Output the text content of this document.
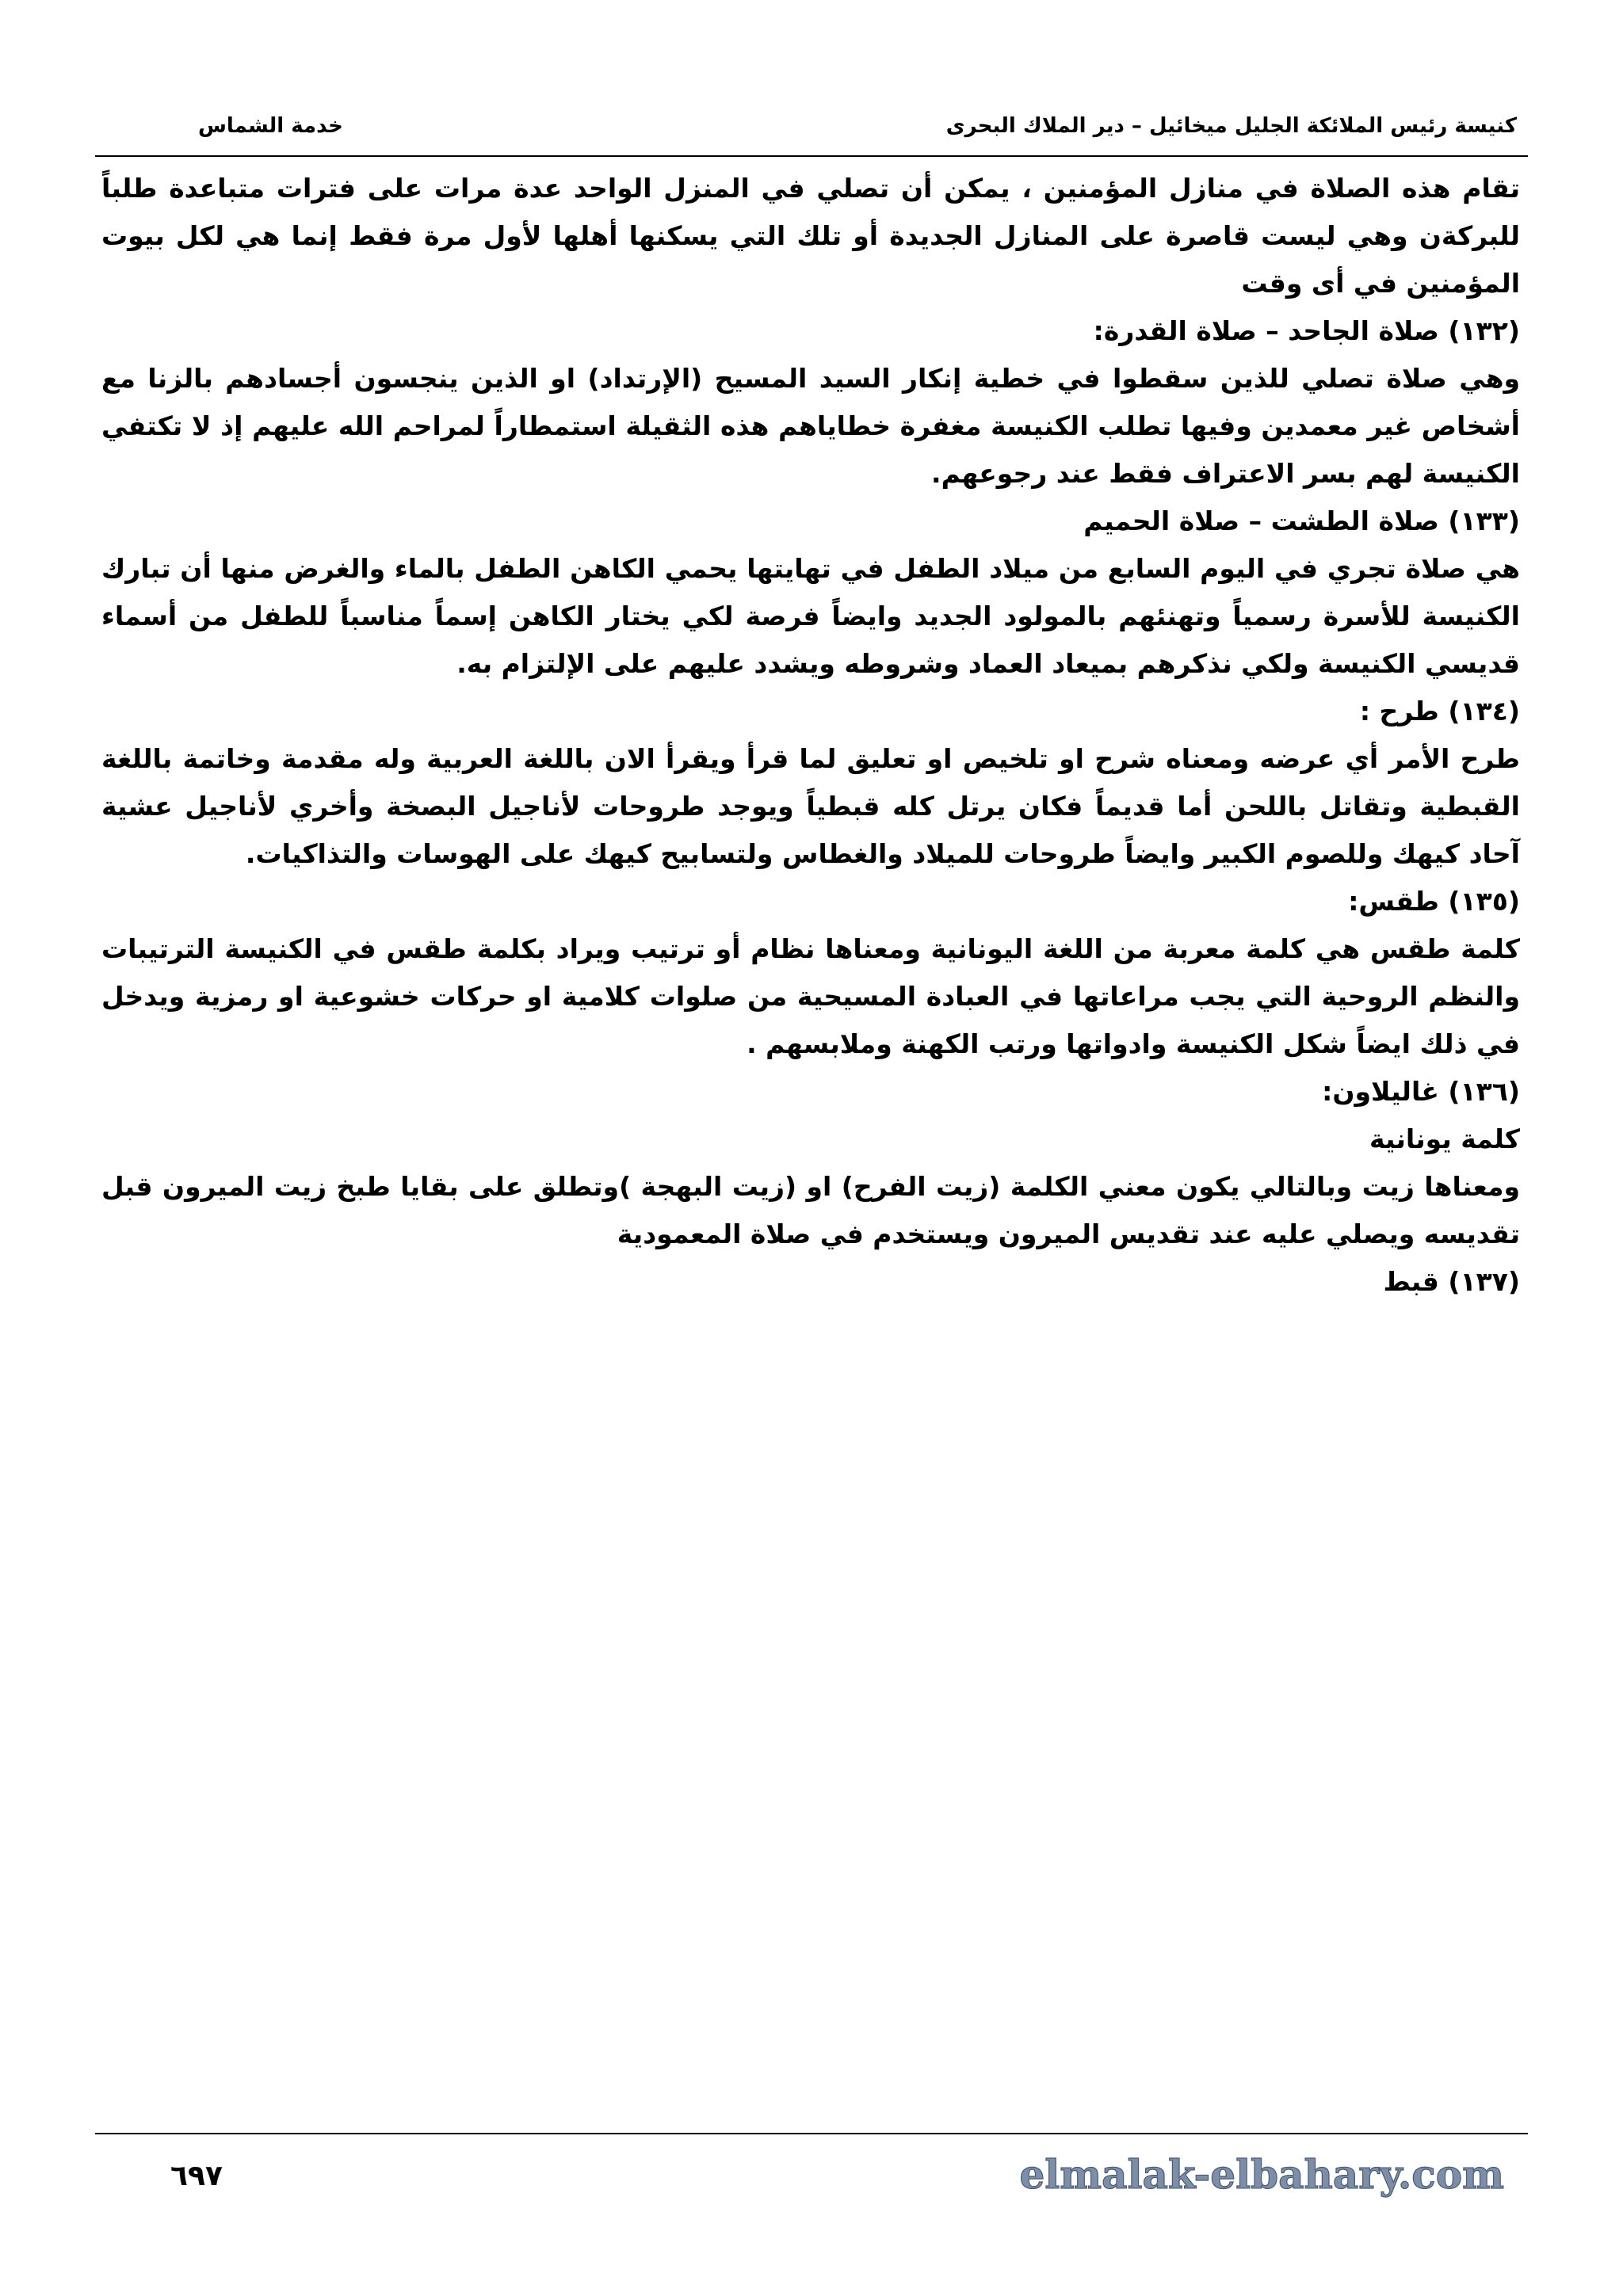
كنيسة رئيس الملائكة الجليل ميخائيل – دير الملاك البحرى
خدمة الشماس

تقام هذه الصلاة في منازل المؤمنين ، يمكن أن تصلي في المنزل الواحد عدة مرات على فترات متباعدة طلباً للبركةن وهي ليست قاصرة على المنازل الجديدة أو تلك التي يسكنها أهلها لأول مرة فقط إنما هي لكل بيوت المؤمنين في أى وقت

(١٣٢) صلاة الجاحد – صلاة القدرة:

وهي صلاة تصلي للذين سقطوا في خطية إنكار السيد المسيح (الإرتداد) او الذين ينجسون أجسادهم بالزنا مع أشخاص غير معمدين وفيها تطلب الكنيسة مغفرة خطاياهم هذه الثقيلة استمطاراً لمراحم الله عليهم إذ لا تكتفي الكنيسة لهم بسر الاعتراف فقط عند رجوعهم.

(١٣٣) صلاة الطشت – صلاة الحميم

هي صلاة تجري في اليوم السابع من ميلاد الطفل في تهايتها يحمي الكاهن الطفل بالماء والغرض منها أن تبارك الكنيسة للأسرة رسمياً وتهنئهم بالمولود الجديد وايضاً فرصة لكي يختار الكاهن إسماً مناسباً للطفل من أسماء قديسي الكنيسة ولكي نذكرهم بميعاد العماد وشروطه ويشدد عليهم على الإلتزام به.

(١٣٤) طرح :

طرح الأمر أي عرضه ومعناه شرح او تلخيص او تعليق لما قرأ ويقرأ الان باللغة العربية وله مقدمة وخاتمة باللغة القبطية وتقاتل باللحن أما قديماً فكان يرتل كله قبطياً ويوجد طروحات لأناجيل البصخة وأخري لأناجيل عشية آحاد كيهك وللصوم الكبير وايضاً طروحات للميلاد والغطاس ولتسابيح كيهك على الهوسات والتذاكيات.

(١٣٥) طقس:

كلمة طقس هي كلمة معربة من اللغة اليونانية ومعناها نظام أو ترتيب ويراد بكلمة طقس في الكنيسة الترتيبات والنظم الروحية التي يجب مراعاتها في العبادة المسيحية من صلوات كلامية او حركات خشوعية او رمزية ويدخل في ذلك ايضاً شكل الكنيسة وادواتها ورتب الكهنة وملابسهم .

(١٣٦) غاليلاون:

كلمة يونانية

ومعناها زيت وبالتالي يكون معني الكلمة (زيت الفرح) او (زيت البهجة )وتطلق على بقايا طبخ زيت الميرون قبل تقديسه ويصلي عليه عند تقديس الميرون ويستخدم في صلاة المعمودية

(١٣٧) قبط

٦٩٧	elmalak-elbahary.com
